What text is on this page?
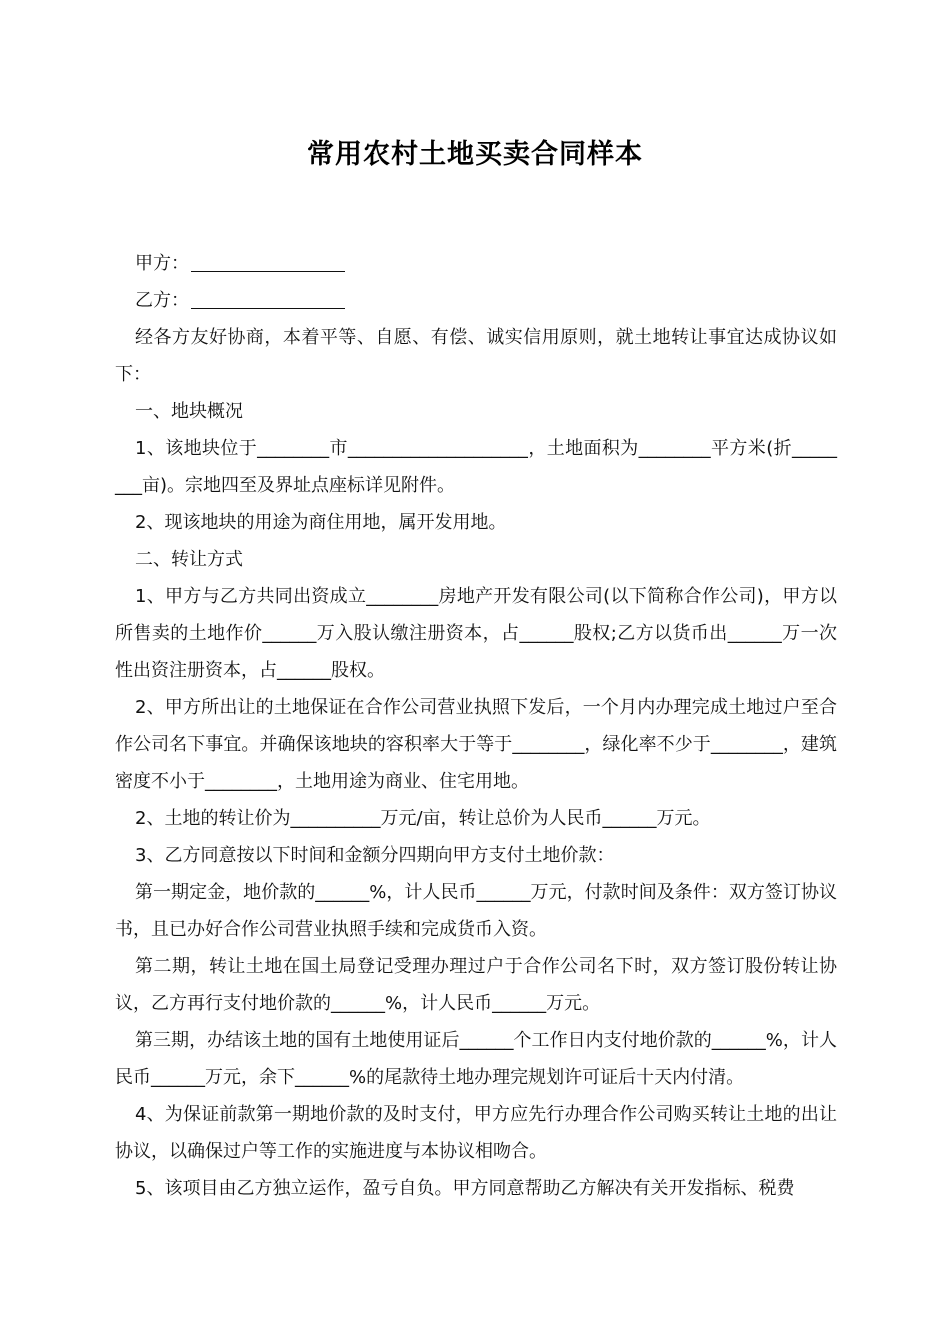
常用农村土地买卖合同样本

甲方：

乙方：

经各方友好协商，本着平等、自愿、有偿、诚实信用原则，就土地转让事宜达成协议如下：

一、地块概况

1、该地块位于________市____________________，土地面积为________平方米(折________亩)。宗地四至及界址点座标详见附件。

2、现该地块的用途为商住用地，属开发用地。

二、转让方式

1、甲方与乙方共同出资成立________房地产开发有限公司(以下简称合作公司)，甲方以所售卖的土地作价______万入股认缴注册资本，占______股权;乙方以货币出______万一次性出资注册资本，占______股权。

2、甲方所出让的土地保证在合作公司营业执照下发后，一个月内办理完成土地过户至合作公司名下事宜。并确保该地块的容积率大于等于________，绿化率不少于________，建筑密度不小于________，土地用途为商业、住宅用地。

2、土地的转让价为__________万元/亩，转让总价为人民币______万元。

3、乙方同意按以下时间和金额分四期向甲方支付土地价款：

第一期定金，地价款的______%，计人民币______万元，付款时间及条件：双方签订协议书，且已办好合作公司营业执照手续和完成货币入资。

第二期，转让土地在国土局登记受理办理过户于合作公司名下时，双方签订股份转让协议，乙方再行支付地价款的______%，计人民币______万元。

第三期，办结该土地的国有土地使用证后______个工作日内支付地价款的______%，计人民币______万元，余下______%的尾款待土地办理完规划许可证后十天内付清。

4、为保证前款第一期地价款的及时支付，甲方应先行办理合作公司购买转让土地的出让协议，以确保过户等工作的实施进度与本协议相吻合。

5、该项目由乙方独立运作，盈亏自负。甲方同意帮助乙方解决有关开发指标、税费
